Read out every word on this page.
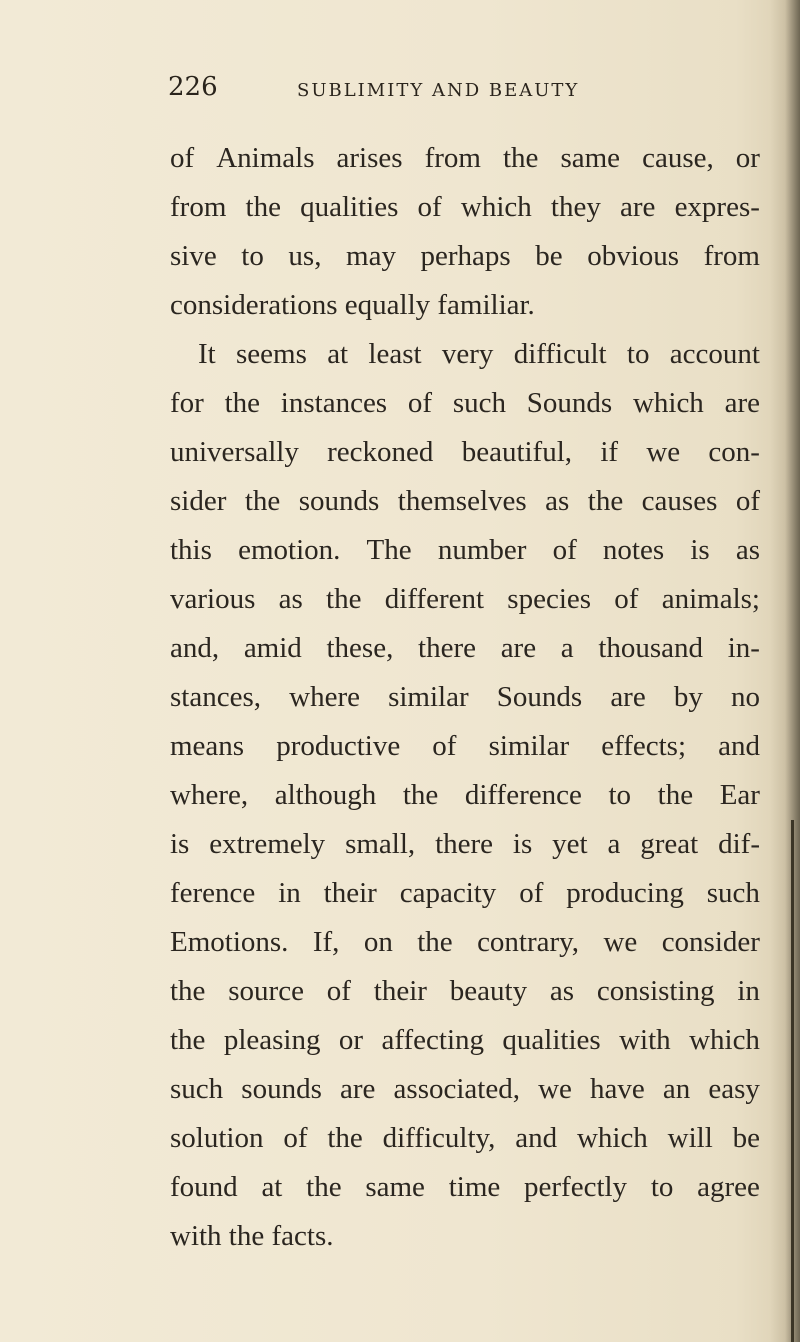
226	SUBLIMITY AND BEAUTY
of Animals arises from the same cause, or
from the qualities of which they are expres-
sive to us, may perhaps be obvious from
considerations equally familiar.
It seems at least very difficult to account
for the instances of such Sounds which are
universally reckoned beautiful, if we con-
sider the sounds themselves as the causes of
this emotion. The number of notes is as
various as the different species of animals;
and, amid these, there are a thousand in-
stances, where similar Sounds are by no
means productive of similar effects; and
where, although the difference to the Ear
is extremely small, there is yet a great dif-
ference in their capacity of producing such
Emotions. If, on the contrary, we consider
the source of their beauty as consisting in
the pleasing or affecting qualities with which
such sounds are associated, we have an easy
solution of the difficulty, and which will be
found at the same time perfectly to agree
with the facts.
